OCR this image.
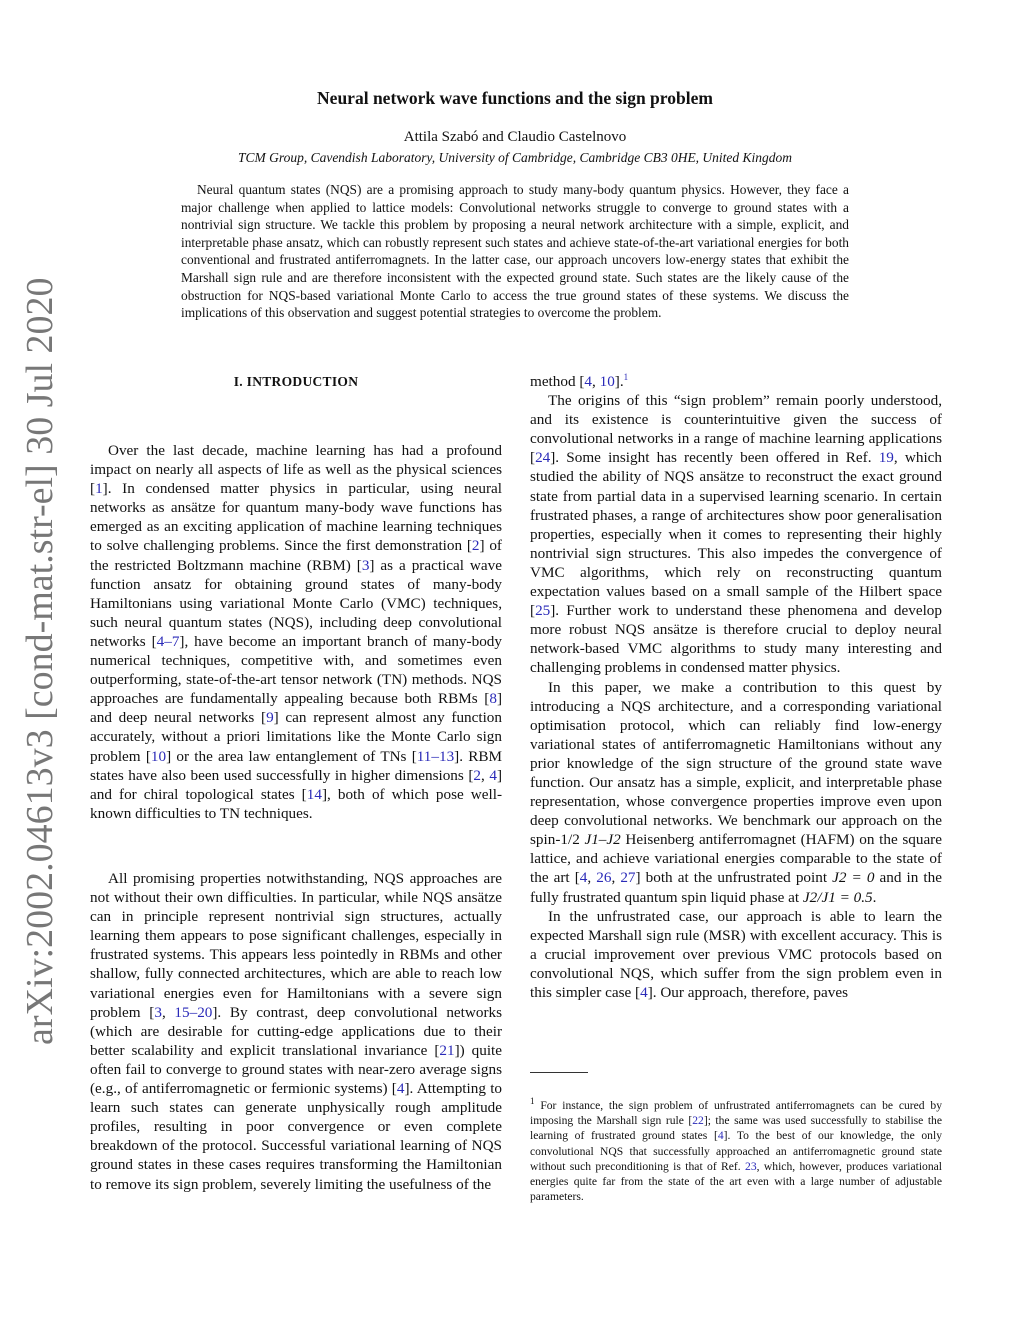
arXiv:2002.04613v3 [cond-mat.str-el] 30 Jul 2020
Neural network wave functions and the sign problem
Attila Szabó and Claudio Castelnovo
TCM Group, Cavendish Laboratory, University of Cambridge, Cambridge CB3 0HE, United Kingdom

Neural quantum states (NQS) are a promising approach to study many-body quantum physics. However, they face a major challenge when applied to lattice models: Convolutional networks struggle to converge to ground states with a nontrivial sign structure. We tackle this problem by proposing a neural network architecture with a simple, explicit, and interpretable phase ansatz, which can robustly represent such states and achieve state-of-the-art variational energies for both conventional and frustrated antiferromagnets. In the latter case, our approach uncovers low-energy states that exhibit the Marshall sign rule and are therefore inconsistent with the expected ground state. Such states are the likely cause of the obstruction for NQS-based variational Monte Carlo to access the true ground states of these systems. We discuss the implications of this observation and suggest potential strategies to overcome the problem.

I. INTRODUCTION

Over the last decade, machine learning has had a profound impact on nearly all aspects of life as well as the physical sciences [1]. In condensed matter physics in particular, using neural networks as ansätze for quantum many-body wave functions has emerged as an exciting application of machine learning techniques to solve challenging problems. Since the first demonstration [2] of the restricted Boltzmann machine (RBM) [3] as a practical wave function ansatz for obtaining ground states of many-body Hamiltonians using variational Monte Carlo (VMC) techniques, such neural quantum states (NQS), including deep convolutional networks [4–7], have become an important branch of many-body numerical techniques, competitive with, and sometimes even outperforming, state-of-the-art tensor network (TN) methods. NQS approaches are fundamentally appealing because both RBMs [8] and deep neural networks [9] can represent almost any function accurately, without a priori limitations like the Monte Carlo sign problem [10] or the area law entanglement of TNs [11–13]. RBM states have also been used successfully in higher dimensions [2, 4] and for chiral topological states [14], both of which pose well-known difficulties to TN techniques.

All promising properties notwithstanding, NQS approaches are not without their own difficulties. In particular, while NQS ansätze can in principle represent nontrivial sign structures, actually learning them appears to pose significant challenges, especially in frustrated systems. This appears less pointedly in RBMs and other shallow, fully connected architectures, which are able to reach low variational energies even for Hamiltonians with a severe sign problem [3, 15–20]. By contrast, deep convolutional networks (which are desirable for cutting-edge applications due to their better scalability and explicit translational invariance [21]) quite often fail to converge to ground states with near-zero average signs (e.g., of antiferromagnetic or fermionic systems) [4]. Attempting to learn such states can generate unphysically rough amplitude profiles, resulting in poor convergence or even complete breakdown of the protocol. Successful variational learning of NQS ground states in these cases requires transforming the Hamiltonian to remove its sign problem, severely limiting the usefulness of the

method [4, 10].$^1$

The origins of this “sign problem” remain poorly understood, and its existence is counterintuitive given the success of convolutional networks in a range of machine learning applications [24]. Some insight has recently been offered in Ref. 19, which studied the ability of NQS ansätze to reconstruct the exact ground state from partial data in a supervised learning scenario. In certain frustrated phases, a range of architectures show poor generalisation properties, especially when it comes to representing their highly nontrivial sign structures. This also impedes the convergence of VMC algorithms, which rely on reconstructing quantum expectation values based on a small sample of the Hilbert space [25]. Further work to understand these phenomena and develop more robust NQS ansätze is therefore crucial to deploy neural network-based VMC algorithms to study many interesting and challenging problems in condensed matter physics.

In this paper, we make a contribution to this quest by introducing a NQS architecture, and a corresponding variational optimisation protocol, which can reliably find low-energy variational states of antiferromagnetic Hamiltonians without any prior knowledge of the sign structure of the ground state wave function. Our ansatz has a simple, explicit, and interpretable phase representation, whose convergence properties improve even upon deep convolutional networks. We benchmark our approach on the spin-1/2 J1–J2 Heisenberg antiferromagnet (HAFM) on the square lattice, and achieve variational energies comparable to the state of the art [4, 26, 27] both at the unfrustrated point J2 = 0 and in the fully frustrated quantum spin liquid phase at J2/J1 = 0.5.

In the unfrustrated case, our approach is able to learn the expected Marshall sign rule (MSR) with excellent accuracy. This is a crucial improvement over previous VMC protocols based on convolutional NQS, which suffer from the sign problem even in this simpler case [4]. Our approach, therefore, paves

$^1$ For instance, the sign problem of unfrustrated antiferromagnets can be cured by imposing the Marshall sign rule [22]; the same was used successfully to stabilise the learning of frustrated ground states [4]. To the best of our knowledge, the only convolutional NQS that successfully approached an antiferromagnetic ground state without such preconditioning is that of Ref. 23, which, however, produces variational energies quite far from the state of the art even with a large number of adjustable parameters.
